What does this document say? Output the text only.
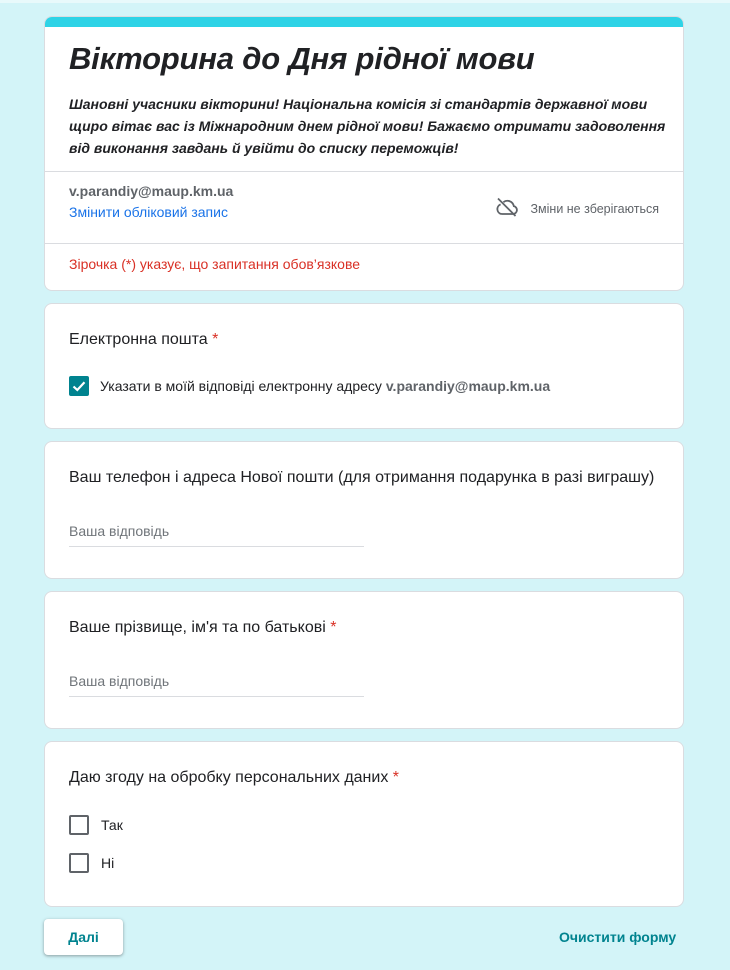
Вікторина до Дня рідної мови

Шановні учасники вікторини! Національна комісія зі стандартів державної мови щиро вітає вас із Міжнародним днем рідної мови! Бажаємо отримати задоволення від виконання завдань й увійти до списку переможців!

v.parandiy@maup.km.ua
Змінити обліковий запис	Зміни не зберігаються
Зірочка (*) указує, що запитання обов’язкове
Електронна пошта *
Указати в моїй відповіді електронну адресу v.parandiy@maup.km.ua
Ваш телефон і адреса Нової пошти (для отримання подарунка в разі виграшу)
Ваша відповідь
Ваше прізвище, ім'я та по батькові *
Ваша відповідь
Даю згоду на обробку персональних даних *
Так
Ні
Далі	Очистити форму
